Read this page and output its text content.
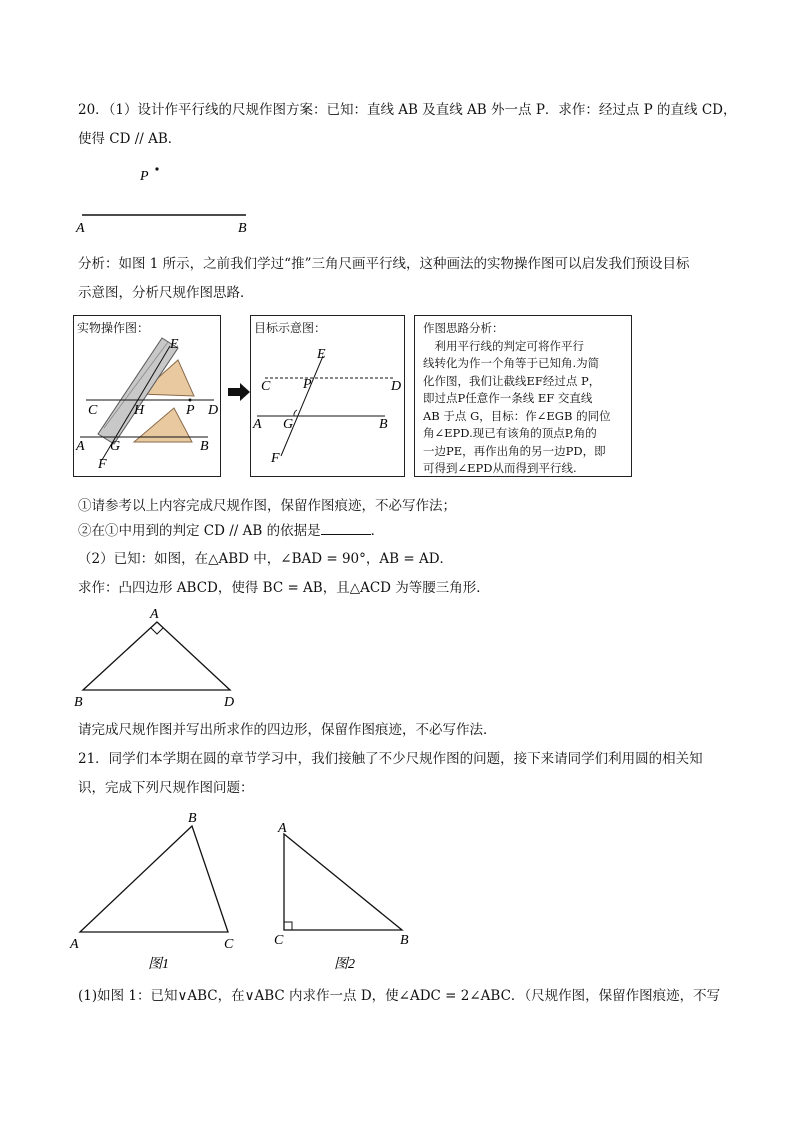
20．（1）设计作平行线的尺规作图方案：已知：直线 AB 及直线 AB 外一点 P．求作：经过点 P 的直线 CD，
使得 CD // AB．
P
A	B
分析：如图 1 所示，之前我们学过“推”三角尺画平行线，这种画法的实物操作图可以启发我们预设目标
示意图，分析尺规作图思路．
实物操作图：
E
C	H	P D
A G	B
F
目标示意图：
E
C P	D
A G	B
F

作图思路分析：

　利用平行线的判定可将作平行

线转化为作一个角等于已知角.为简

化作图，我们让截线EF经过点 P，

即过点P任意作一条线 EF 交直线

AB 于点 G，目标：作∠EGB 的同位

角∠EPD.现已有该角的顶点P,角的

一边PE，再作出角的另一边PD，即

可得到∠EPD从而得到平行线.

①请参考以上内容完成尺规作图，保留作图痕迹，不必写作法；
②在①中用到的判定 CD // AB 的依据是	．
（2）已知：如图，在△ABD 中，∠BAD = 90°，AB = AD．
求作：凸四边形 ABCD，使得 BC = AB，且△ACD 为等腰三角形．
A
B	D
请完成尺规作图并写出所求作的四边形，保留作图痕迹，不必写作法．
21．同学们本学期在圆的章节学习中，我们接触了不少尺规作图的问题，接下来请同学们利用圆的相关知
识，完成下列尺规作图问题：
B
A	C
图1
A
C	B
图2
(1)如图 1：已知∨ABC，在∨ABC 内求作一点 D，使∠ADC = 2∠ABC．（尺规作图，保留作图痕迹，不写
